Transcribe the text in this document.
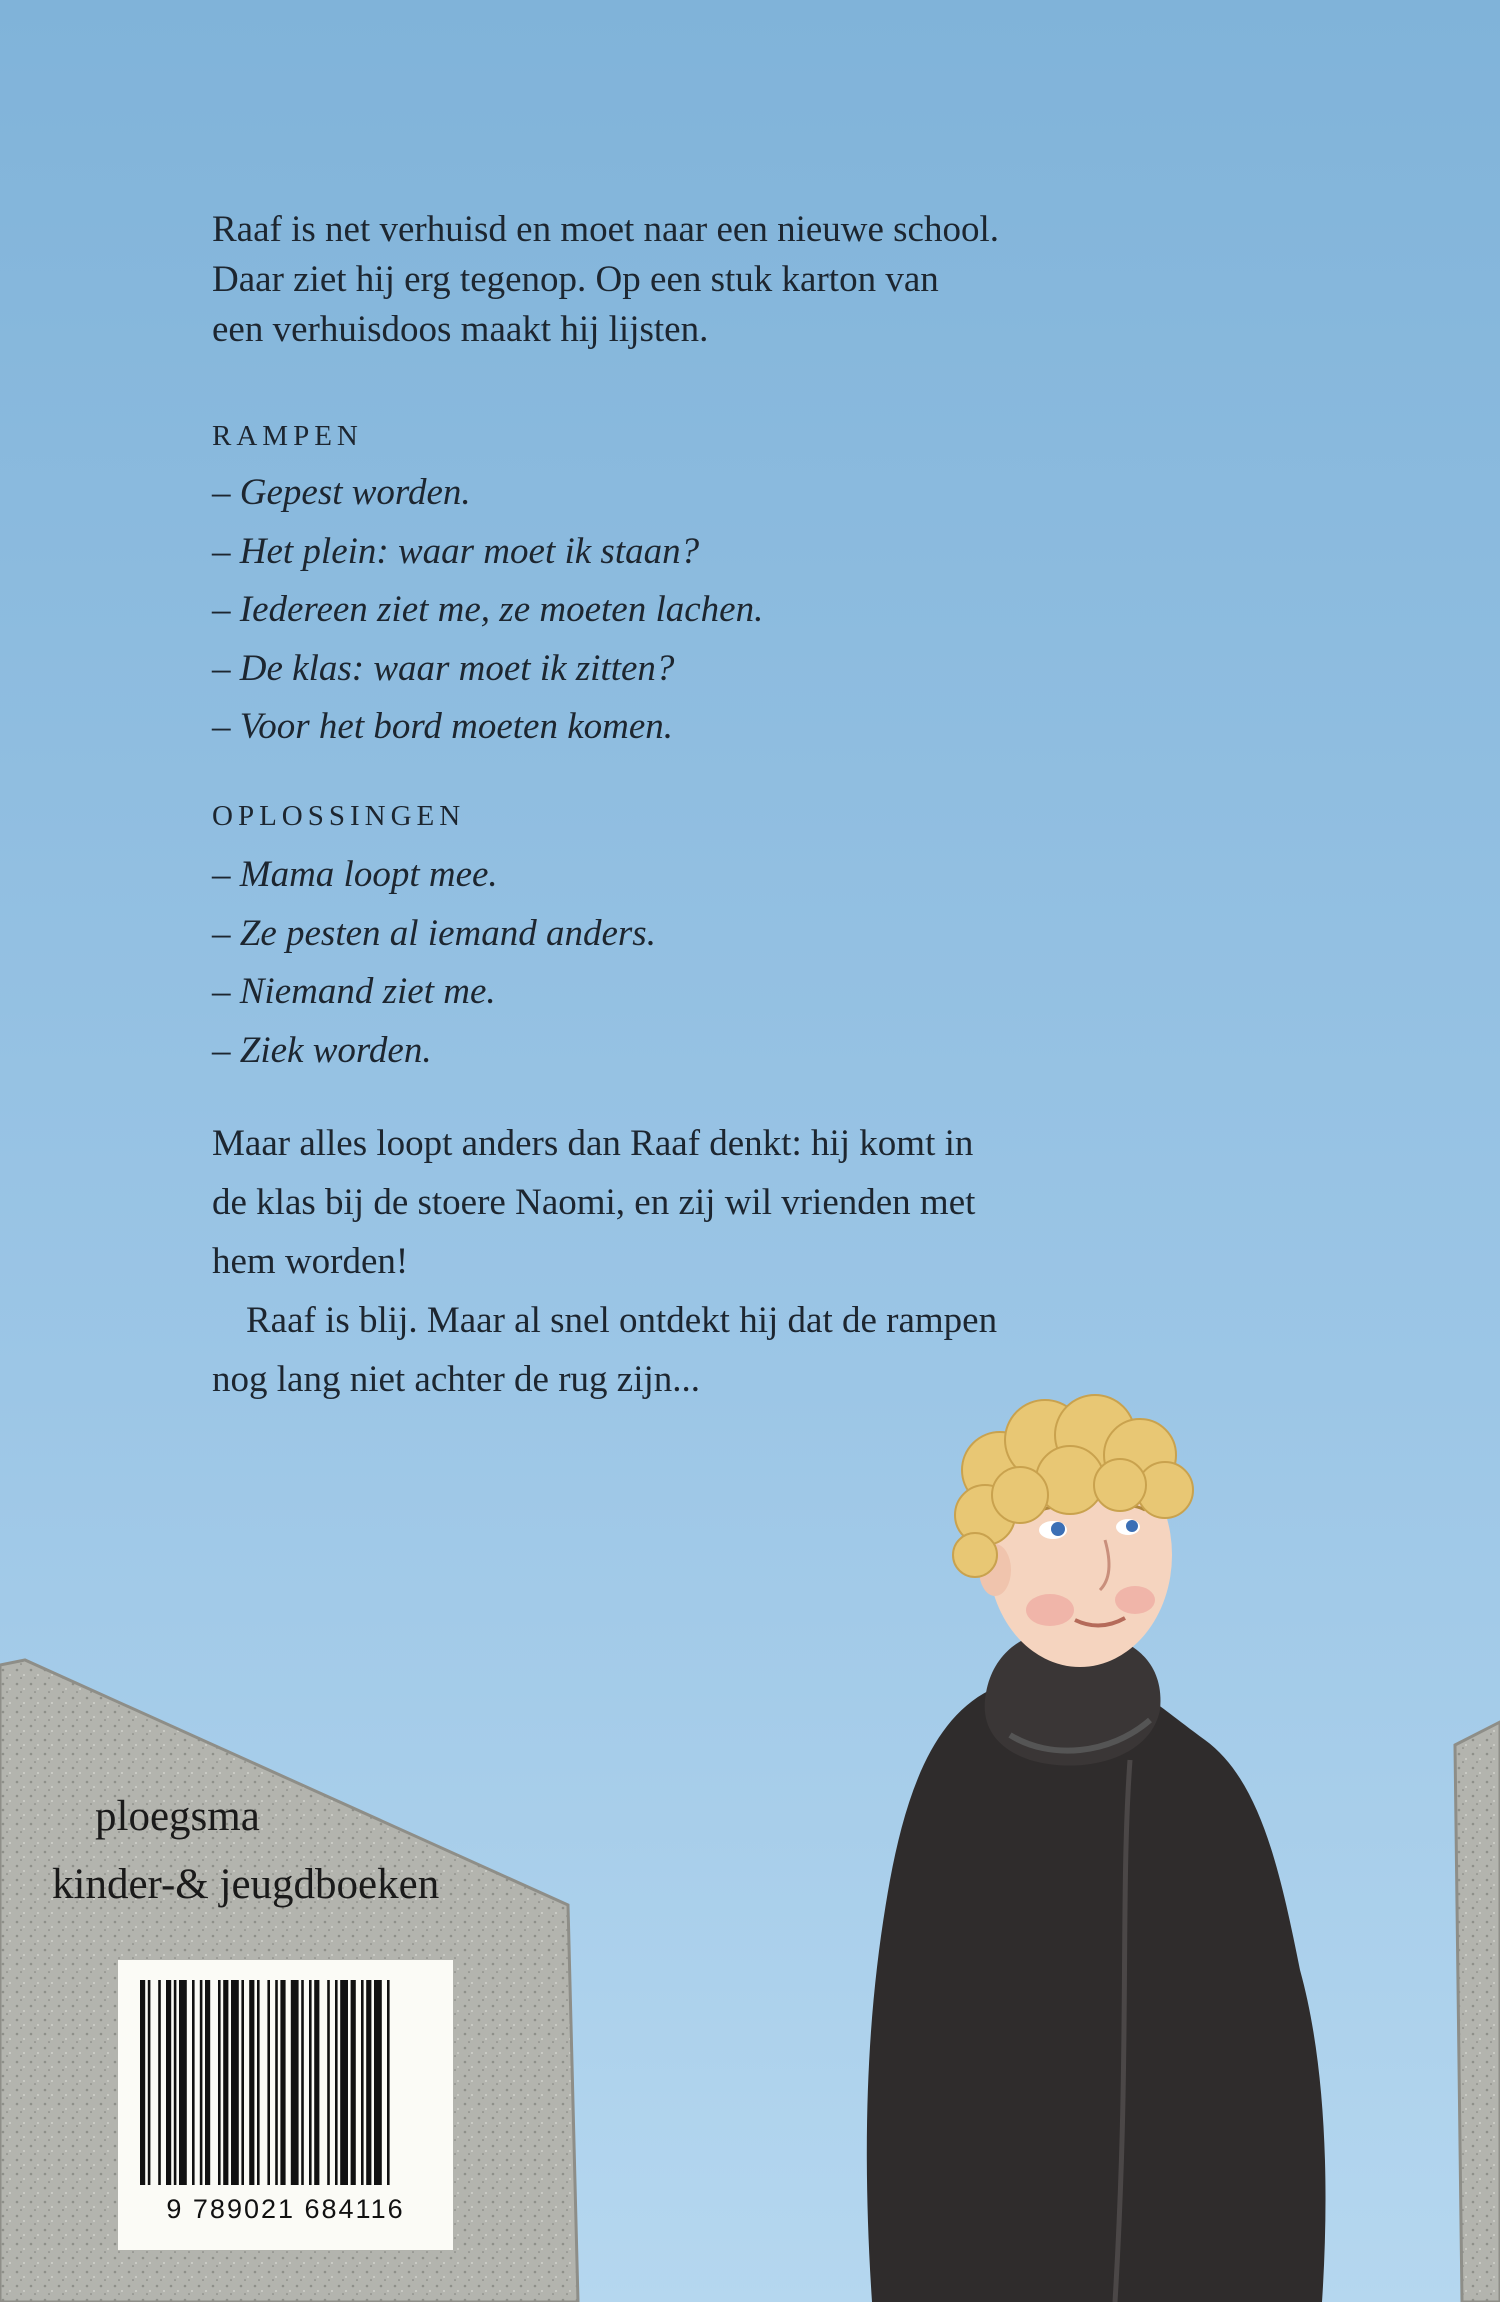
Raaf is net verhuisd en moet naar een nieuwe school.

Daar ziet hij erg tegenop. Op een stuk karton van

een verhuisdoos maakt hij lijsten.

RAMPEN
– Gepest worden.
– Het plein: waar moet ik staan?
– Iedereen ziet me, ze moeten lachen.
– De klas: waar moet ik zitten?
– Voor het bord moeten komen.
OPLOSSINGEN
– Mama loopt mee.
– Ze pesten al iemand anders.
– Niemand ziet me.
– Ziek worden.

Maar alles loopt anders dan Raaf denkt: hij komt in

de klas bij de stoere Naomi, en zij wil vrienden met

hem worden!

Raaf is blij. Maar al snel ontdekt hij dat de rampen

nog lang niet achter de rug zijn...

ploegsma
kinder-& jeugdboeken
9 789021 684116
